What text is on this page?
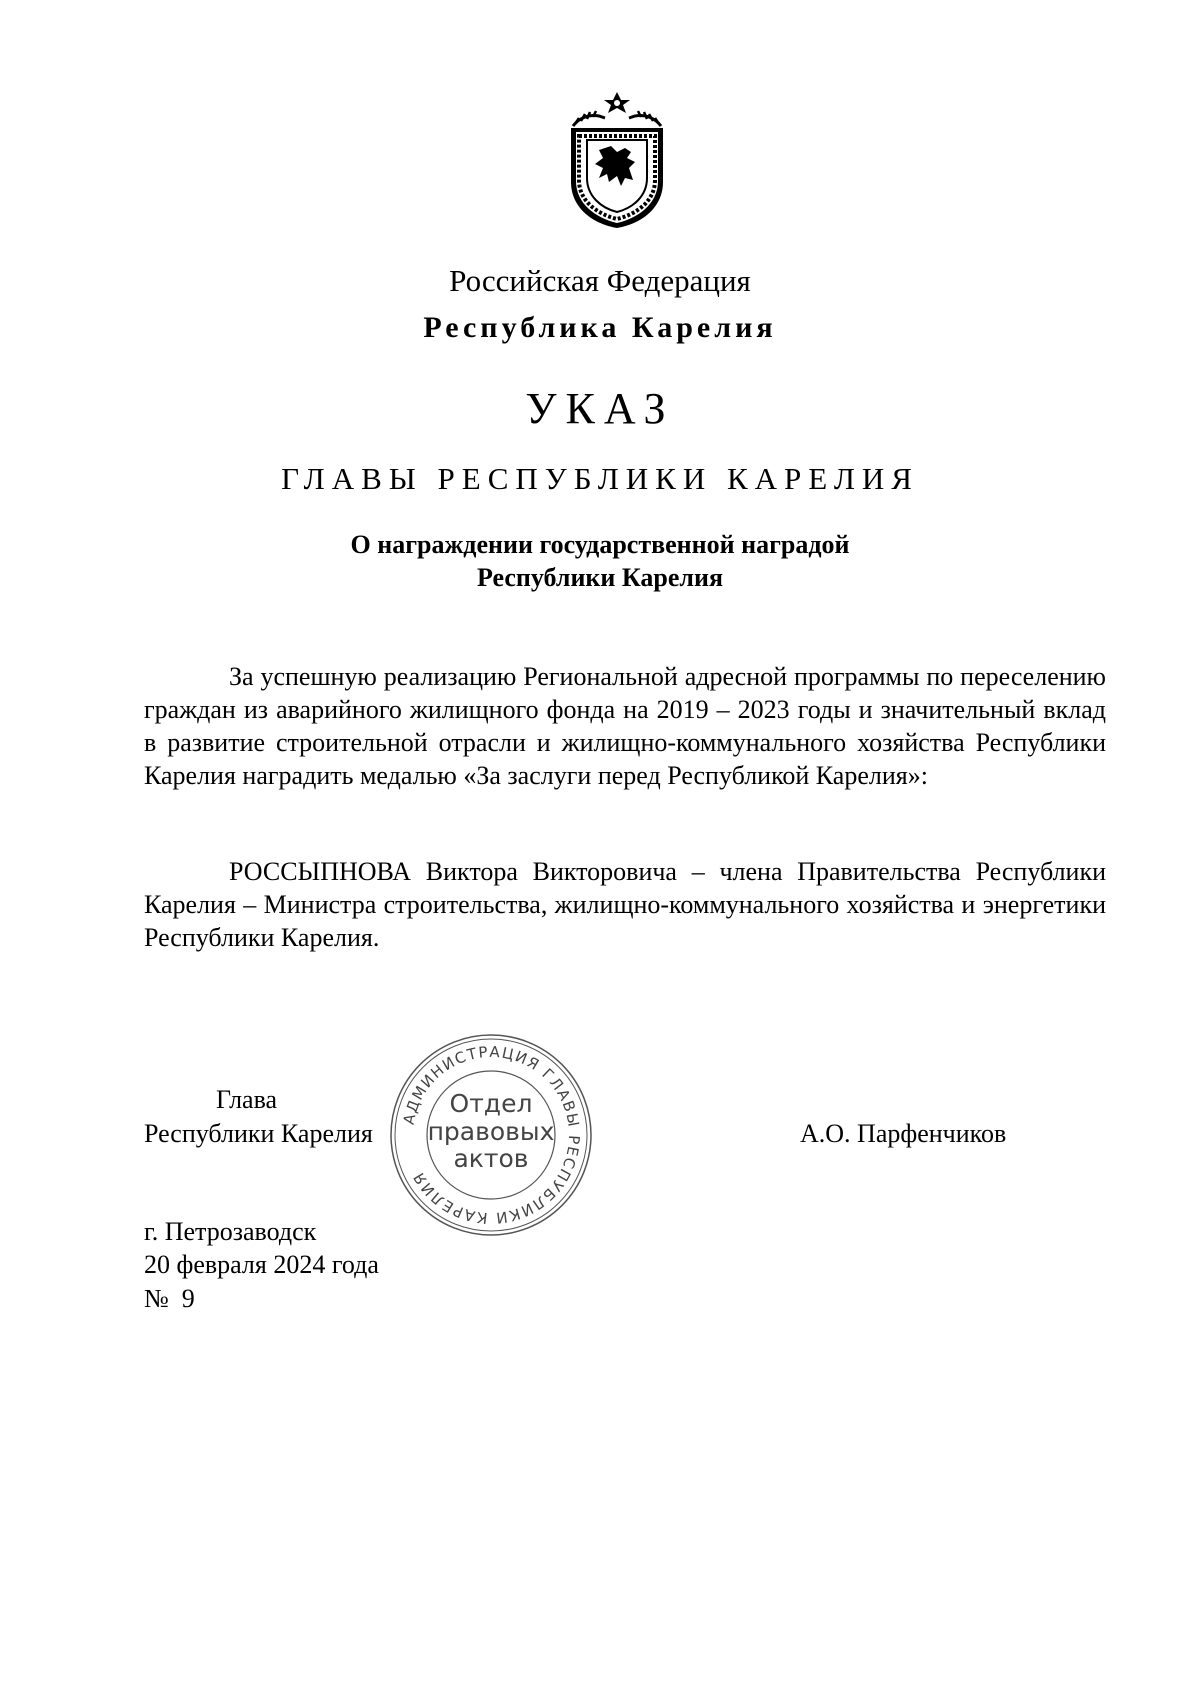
Российская Федерация
Республика Карелия
УКАЗ
ГЛАВЫ РЕСПУБЛИКИ КАРЕЛИЯ
О награждении государственной наградой
Республики Карелия

За успешную реализацию Региональной адресной программы по переселению граждан из аварийного жилищного фонда на 2019 – 2023 годы и значительный вклад в развитие строительной отрасли и жилищно-коммунального хозяйства Республики Карелия наградить медалью «За заслуги перед Республикой Карелия»:

РОССЫПНОВА Виктора Викторовича – члена Правительства Республики Карелия – Министра строительства, жилищно-коммунального хозяйства и энергетики Республики Карелия.

Глава
Республики Карелия	А.О. Парфенчиков
АДМИНИСТРАЦИЯ ГЛАВЫ РЕСПУБЛИКИ КАРЕЛИЯ
Отдел
правовых
актов
г. Петрозаводск
20 февраля 2024 года
№  9
